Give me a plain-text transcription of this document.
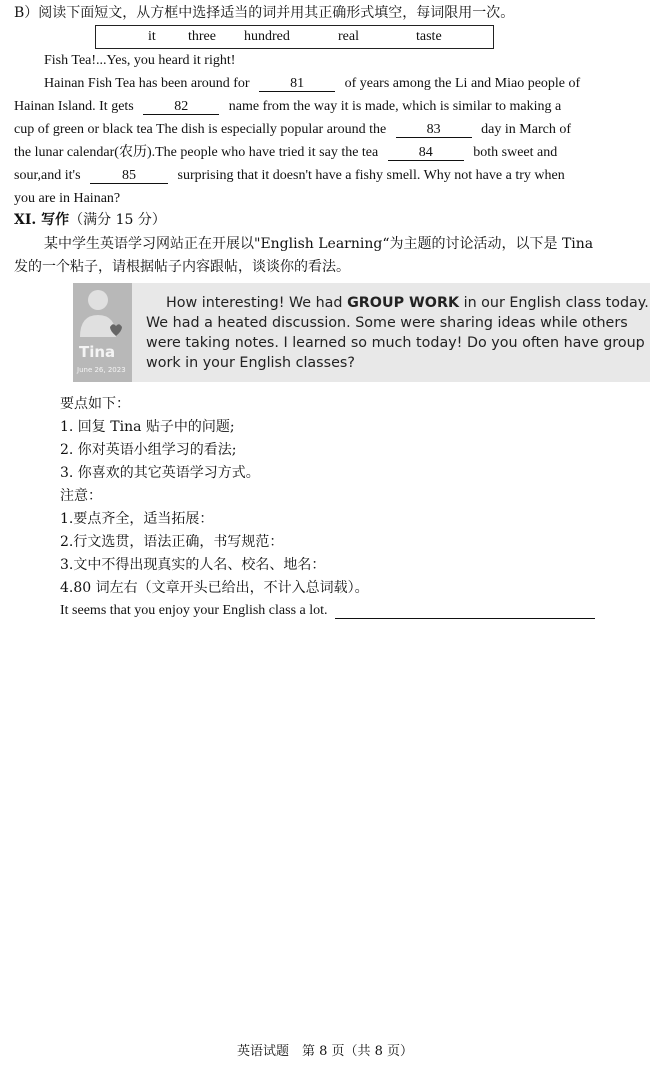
B）阅读下面短文，从方框中选择适当的词并用其正确形式填空，每词限用一次。
it three hundred	real	taste
Fish Tea!...Yes, you heard it right!
Hainan Fish Tea has been around for	81	of years among the Li and Miao people of
Hainan Island. It gets	82	name from the way it is made, which is similar to making a
cup of green or black tea The dish is especially popular around the	83	day in March of
the lunar calendar(农历).The people who have tried it say the tea	84	both sweet and
sour,and it's	85	surprising that it doesn't have a fishy smell. Why not have a try when
you are in Hainan?
XI. 写作（满分 15 分）
某中学生英语学习网站正在开展以"English Learning“为主题的讨论活动，以下是 Tina
发的一个粘子，请根据帖子内容跟帖，谈谈你的看法。
Tina
June 26, 2023
How interesting! We had GROUP WORK in our English class today.
We had a heated discussion. Some were sharing ideas while others
were taking notes. I learned so much today! Do you often have group
work in your English classes?
要点如下：
1. 回复 Tina 贴子中的问题;
2. 你对英语小组学习的看法;
3. 你喜欢的其它英语学习方式。
注意：
1.要点齐全，适当拓展：
2.行文选贯，语法正确，书写规范：
3.文中不得出现真实的人名、校名、地名：
4.80 词左右（文章开头已给出，不计入总词载）。
It seems that you enjoy your English class a lot.
英语试题　第 8 页（共 8 页）
